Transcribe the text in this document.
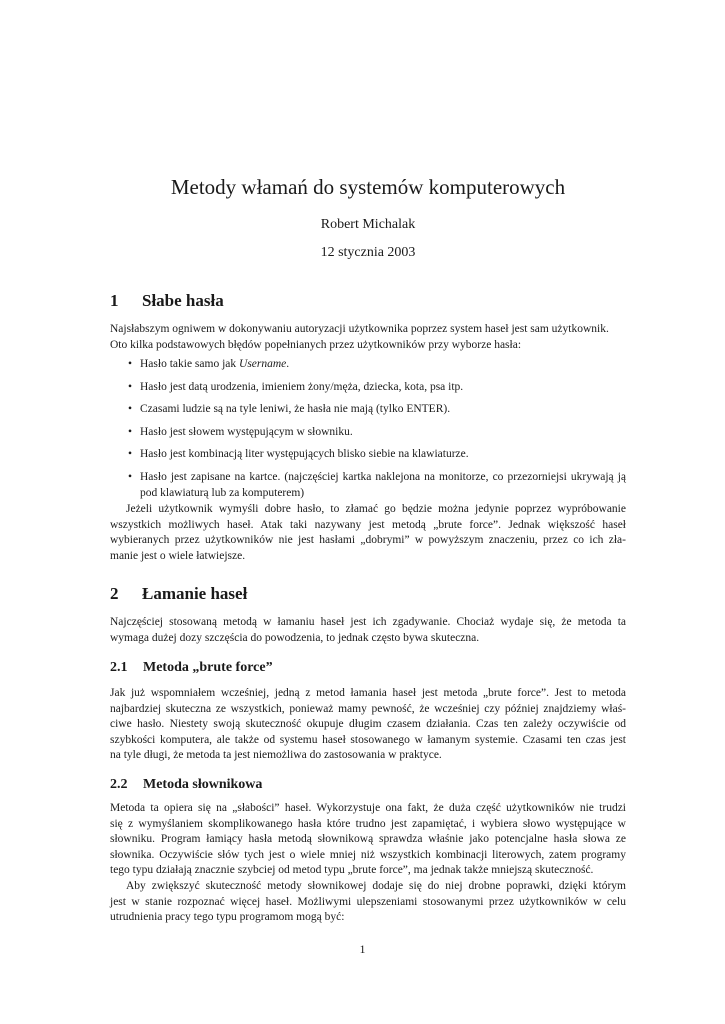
Metody włamań do systemów komputerowych
Robert Michalak
12 stycznia 2003
1 Słabe hasła
Najsłabszym ogniwem w dokonywaniu autoryzacji użytkownika poprzez system haseł jest sam użytkownik.
Oto kilka podstawowych błędów popełnianych przez użytkowników przy wyborze hasła:
• Hasło takie samo jak Username.
• Hasło jest datą urodzenia, imieniem żony/męża, dziecka, kota, psa itp.
• Czasami ludzie są na tyle leniwi, że hasła nie mają (tylko ENTER).
• Hasło jest słowem występującym w słowniku.
• Hasło jest kombinacją liter występujących blisko siebie na klawiaturze.
• Hasło jest zapisane na kartce. (najczęściej kartka naklejona na monitorze, co przezorniejsi ukrywają ją pod klawiaturą lub za komputerem)
Jeżeli użytkownik wymyśli dobre hasło, to złamać go będzie można jedynie poprzez wypróbowanie
wszystkich możliwych haseł. Atak taki nazywany jest metodą „brute force”. Jednak większość haseł
wybieranych przez użytkowników nie jest hasłami „dobrymi” w powyższym znaczeniu, przez co ich zła-
manie jest o wiele łatwiejsze.
2 Łamanie haseł
Najczęściej stosowaną metodą w łamaniu haseł jest ich zgadywanie. Chociaż wydaje się, że metoda ta
wymaga dużej dozy szczęścia do powodzenia, to jednak często bywa skuteczna.
2.1 Metoda „brute force”
Jak już wspomniałem wcześniej, jedną z metod łamania haseł jest metoda „brute force”. Jest to metoda
najbardziej skuteczna ze wszystkich, ponieważ mamy pewność, że wcześniej czy później znajdziemy właś-
ciwe hasło. Niestety swoją skuteczność okupuje długim czasem działania. Czas ten zależy oczywiście od
szybkości komputera, ale także od systemu haseł stosowanego w łamanym systemie. Czasami ten czas jest
na tyle długi, że metoda ta jest niemożliwa do zastosowania w praktyce.
2.2 Metoda słownikowa
Metoda ta opiera się na „słabości” haseł. Wykorzystuje ona fakt, że duża część użytkowników nie trudzi
się z wymyślaniem skomplikowanego hasła które trudno jest zapamiętać, i wybiera słowo występujące w
słowniku. Program łamiący hasła metodą słownikową sprawdza właśnie jako potencjalne hasła słowa ze
słownika. Oczywiście słów tych jest o wiele mniej niż wszystkich kombinacji literowych, zatem programy
tego typu działają znacznie szybciej od metod typu „brute force”, ma jednak także mniejszą skuteczność.
Aby zwiększyć skuteczność metody słownikowej dodaje się do niej drobne poprawki, dzięki którym
jest w stanie rozpoznać więcej haseł. Możliwymi ulepszeniami stosowanymi przez użytkowników w celu
utrudnienia pracy tego typu programom mogą być:
1
